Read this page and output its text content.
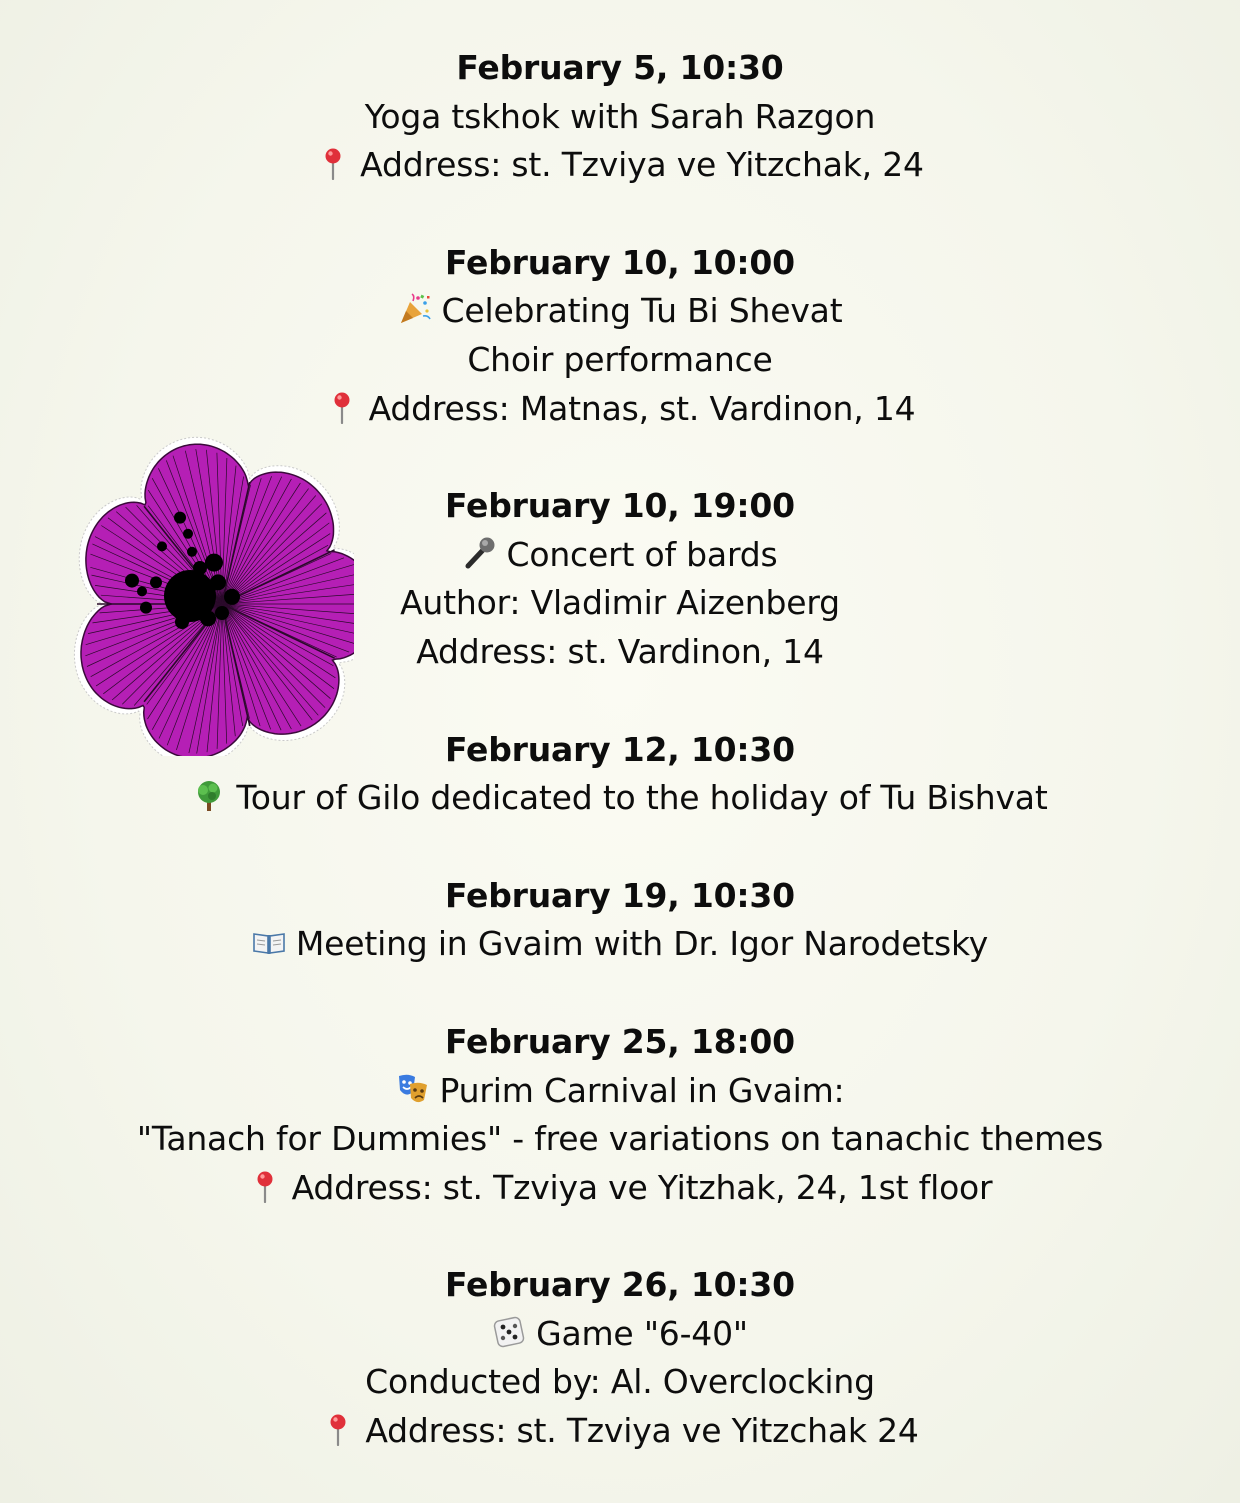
February 5, 10:30
Yoga tskhok with Sarah Razgon
Address: st. Tzviya ve Yitzchak, 24
February 10, 10:00
Celebrating Tu Bi Shevat
Choir performance
Address: Matnas, st. Vardinon, 14
February 10, 19:00
Concert of bards
Author: Vladimir Aizenberg
Address: st. Vardinon, 14
February 12, 10:30
Tour of Gilo dedicated to the holiday of Tu Bishvat
February 19, 10:30
Meeting in Gvaim with Dr. Igor Narodetsky
February 25, 18:00
Purim Carnival in Gvaim:
"Tanach for Dummies" - free variations on tanachic themes
Address: st. Tzviya ve Yitzhak, 24, 1st floor
February 26, 10:30
Game "6-40"
Conducted by: Al. Overclocking
Address: st. Tzviya ve Yitzchak 24
